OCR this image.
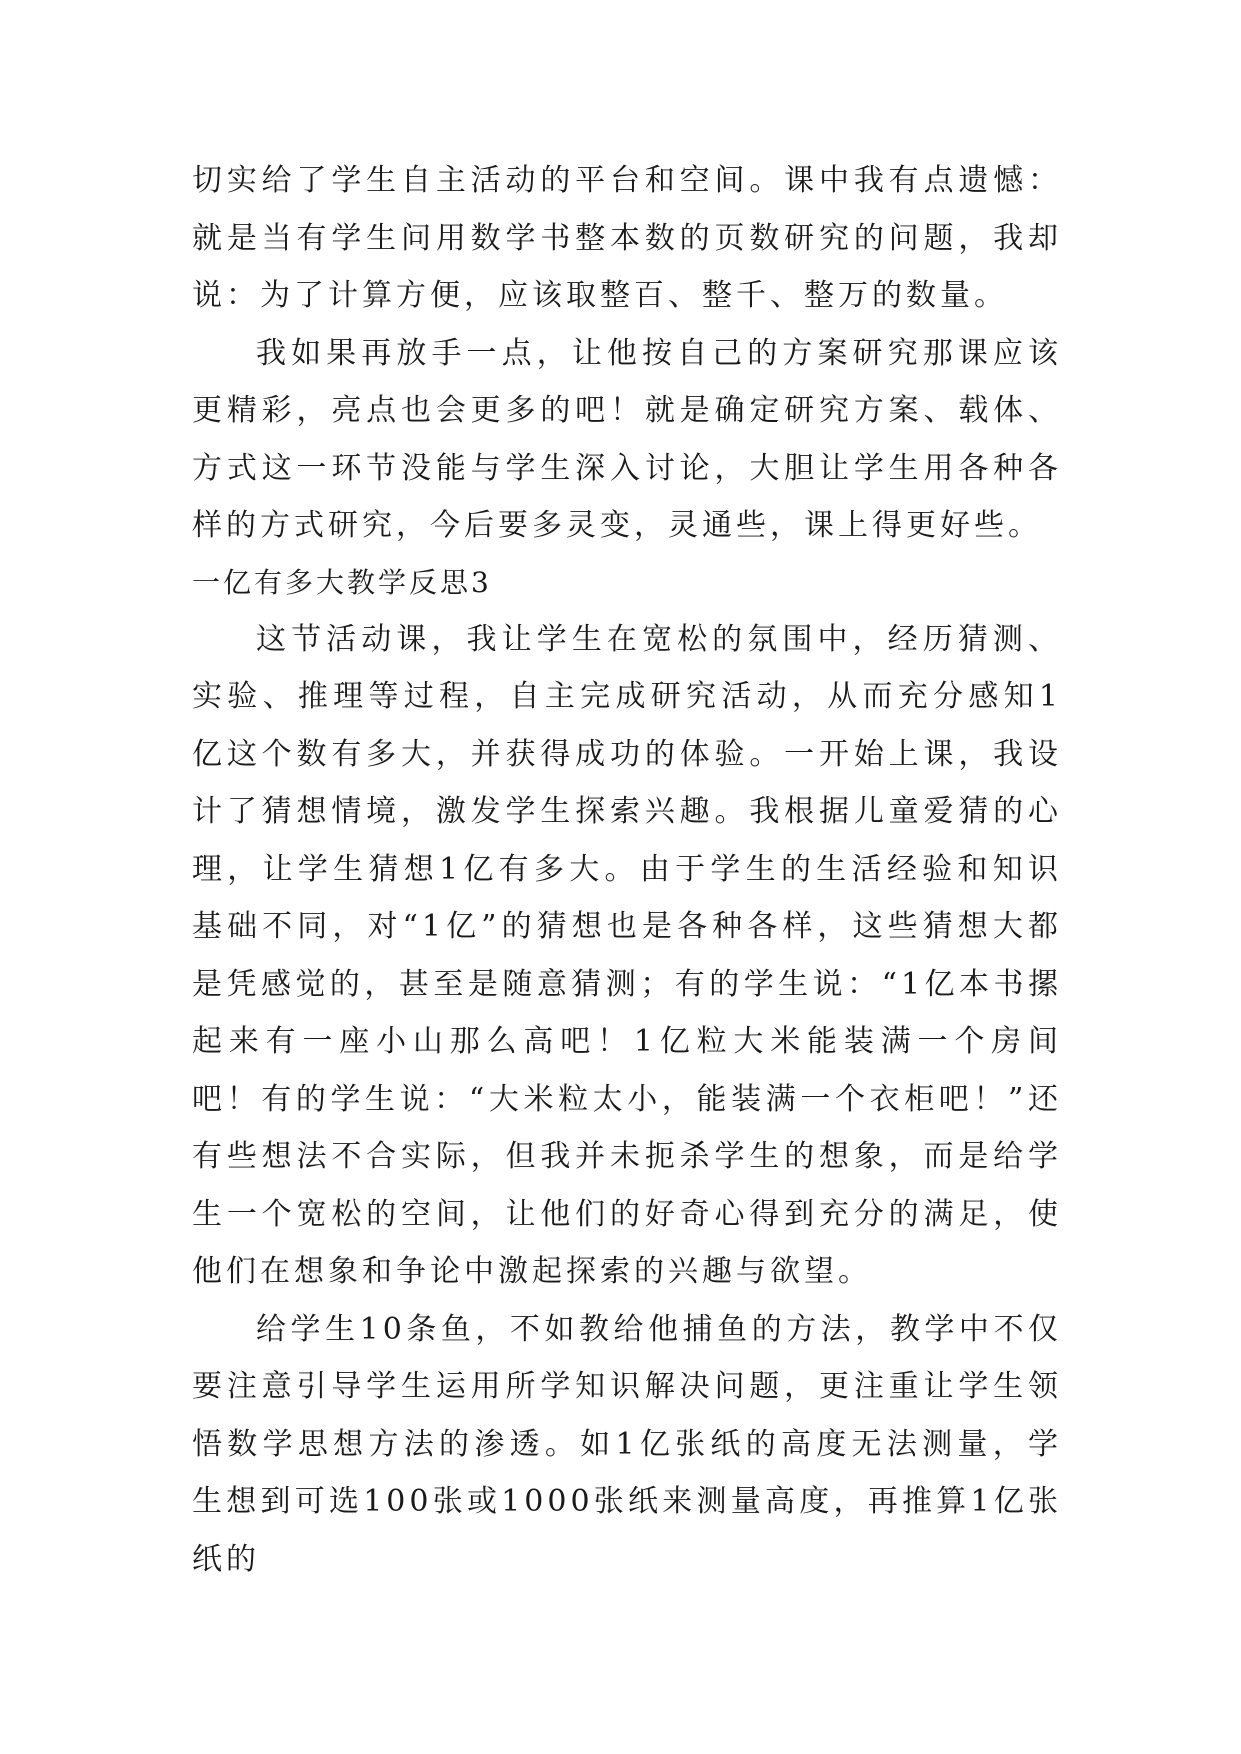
切实给了学生自主活动的平台和空间。课中我有点遗憾：就是当有学生问用数学书整本数的页数研究的问题，我却说：为了计算方便，应该取整百、整千、整万的数量。

我如果再放手一点，让他按自己的方案研究那课应该更精彩，亮点也会更多的吧！就是确定研究方案、载体、方式这一环节没能与学生深入讨论，大胆让学生用各种各样的方式研究，今后要多灵变，灵通些，课上得更好些。

一亿有多大教学反思3

这节活动课，我让学生在宽松的氛围中，经历猜测、实验、推理等过程，自主完成研究活动，从而充分感知1亿这个数有多大，并获得成功的体验。一开始上课，我设计了猜想情境，激发学生探索兴趣。我根据儿童爱猜的心理，让学生猜想1亿有多大。由于学生的生活经验和知识基础不同，对“1亿”的猜想也是各种各样，这些猜想大都是凭感觉的，甚至是随意猜测；有的学生说：“1亿本书摞起来有一座小山那么高吧！1亿粒大米能装满一个房间吧！有的学生说：“大米粒太小，能装满一个衣柜吧！”还有些想法不合实际，但我并未扼杀学生的想象，而是给学生一个宽松的空间，让他们的好奇心得到充分的满足，使他们在想象和争论中激起探索的兴趣与欲望。

给学生10条鱼，不如教给他捕鱼的方法，教学中不仅要注意引导学生运用所学知识解决问题，更注重让学生领悟数学思想方法的渗透。如1亿张纸的高度无法测量，学生想到可选100张或1000张纸来测量高度，再推算1亿张纸的
